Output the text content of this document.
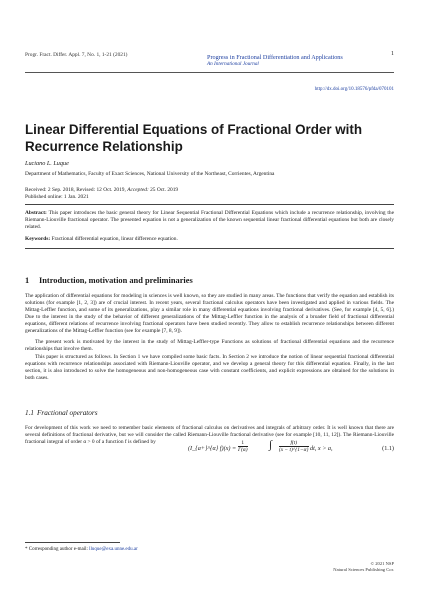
Progr. Fract. Differ. Appl. 7, No. 1, 1-21 (2021)	1
Progress in Fractional Differentiation and Applications
An International Journal
http://dx.doi.org/10.18576/pfda/070101
Linear Differential Equations of Fractional Order with Recurrence Relationship
Luciano L. Luque
Department of Mathematics, Faculty of Exact Sciences, National University of the Northeast, Corrientes, Argentina
Received: 2 Sep. 2018, Revised: 12 Oct. 2019, Accepted: 25 Oct. 2019
Published online: 1 Jan. 2021
Abstract: This paper introduces the basic general theory for Linear Sequential Fractional Differential Equations which include a recurrence relationship, involving the Riemann-Liouville fractional operator. The presented equation is not a generalization of the known sequential linear fractional differential equations but both are closely related.
Keywords: Fractional differential equation, linear difference equation.
1 Introduction, motivation and preliminaries
The application of differential equations for modeling in sciences is well known, so they are studied in many areas. The functions that verify the equation and establish its solutions (for example [1, 2, 3]) are of crucial interest. In recent years, several fractional calculus operators have been investigated and applied in various fields. The Mittag-Leffler function, and some of its generalizations, play a similar role in many differential equations involving fractional derivatives. (See, for example [4, 5, 6].) Due to the interest in the study of the behavior of different generalizations of the Mittag-Leffler function in the analysis of a broader field of fractional differential equations, different relations of recurrence involving fractional operators have been studied recently. They allow to establish recurrence relationships between different generalizations of the Mittag-Leffler function (see for example [7, 8, 9]).
The present work is motivated by the interest in the study of Mittag-Leffler-type Functions as solutions of fractional differential equations and the recurrence relationships that involve them.
This paper is structured as follows. In Section 1 we have compiled some basic facts. In Section 2 we introduce the notion of linear sequential fractional differential equations with recurrence relationships associated with Riemann-Liouville operator, and we develop a general theory for this differential equation. Finally, in the last section, it is also introduced to solve the homogeneous and non-homogeneous case with constant coefficients, and explicit expressions are obtained for the solutions in both cases.
1.1 Fractional operators
For development of this work we need to remember basic elements of fractional calculus on derivatives and integrals of arbitrary order. It is well known that there are several definitions of fractional derivative, but we will consider the called Riemann-Liouville fractional derivative (see for example [10, 11, 12]). The Riemann-Liouville fractional integral of order α > 0 of a function f is defined by
(I_{a+}^{α} $f)(x) = \frac{1}{\Gamma(\alpha)}$ ∫ $\frac{f(t)}{(x - t)\^{}\{1-\alpha\}}$ dt, x > a,	(1.1)
* Corresponding author e-mail: lluque@exa.unne.edu.ar
© 2021 NSP
Natural Sciences Publishing Cor.
